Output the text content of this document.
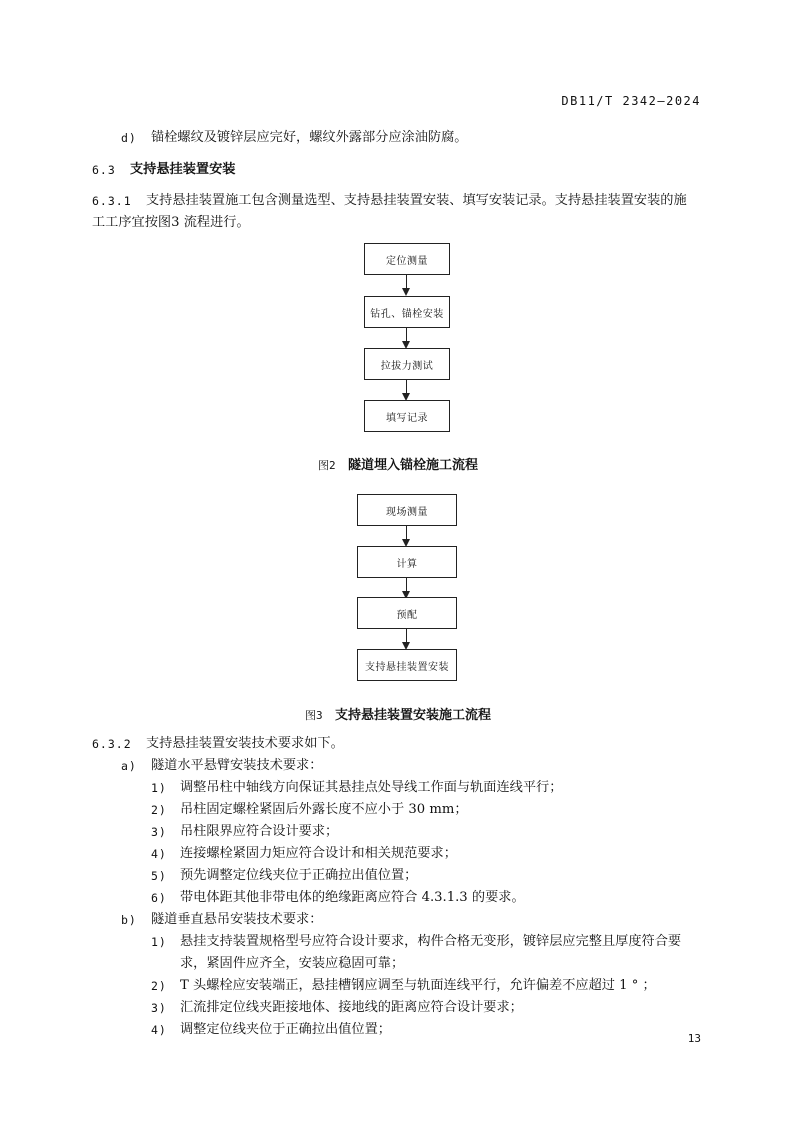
DB11/T 2342—2024
d) 锚栓螺纹及镀锌层应完好，螺纹外露部分应涂油防腐。
6.3 支持悬挂装置安装
6.3.1 支持悬挂装置施工包含测量选型、支持悬挂装置安装、填写安装记录。支持悬挂装置安装的施
工工序宜按图3 流程进行。
定位测量
钻孔、锚栓安装
拉拔力测试
填写记录
图2 隧道埋入锚栓施工流程
现场测量
计算
预配
支持悬挂装置安装
图3 支持悬挂装置安装施工流程
6.3.2 支持悬挂装置安装技术要求如下。
a) 隧道水平悬臂安装技术要求：
1) 调整吊柱中轴线方向保证其悬挂点处导线工作面与轨面连线平行；
2) 吊柱固定螺栓紧固后外露长度不应小于 30 mm；
3) 吊柱限界应符合设计要求；
4) 连接螺栓紧固力矩应符合设计和相关规范要求；
5) 预先调整定位线夹位于正确拉出值位置；
6) 带电体距其他非带电体的绝缘距离应符合 4.3.1.3 的要求。
b) 隧道垂直悬吊安装技术要求：
1) 悬挂支持装置规格型号应符合设计要求，构件合格无变形，镀锌层应完整且厚度符合要
求，紧固件应齐全，安装应稳固可靠；
2) T 头螺栓应安装端正，悬挂槽钢应调至与轨面连线平行，允许偏差不应超过 1 ° ；
3) 汇流排定位线夹距接地体、接地线的距离应符合设计要求；
4) 调整定位线夹位于正确拉出值位置；
13
